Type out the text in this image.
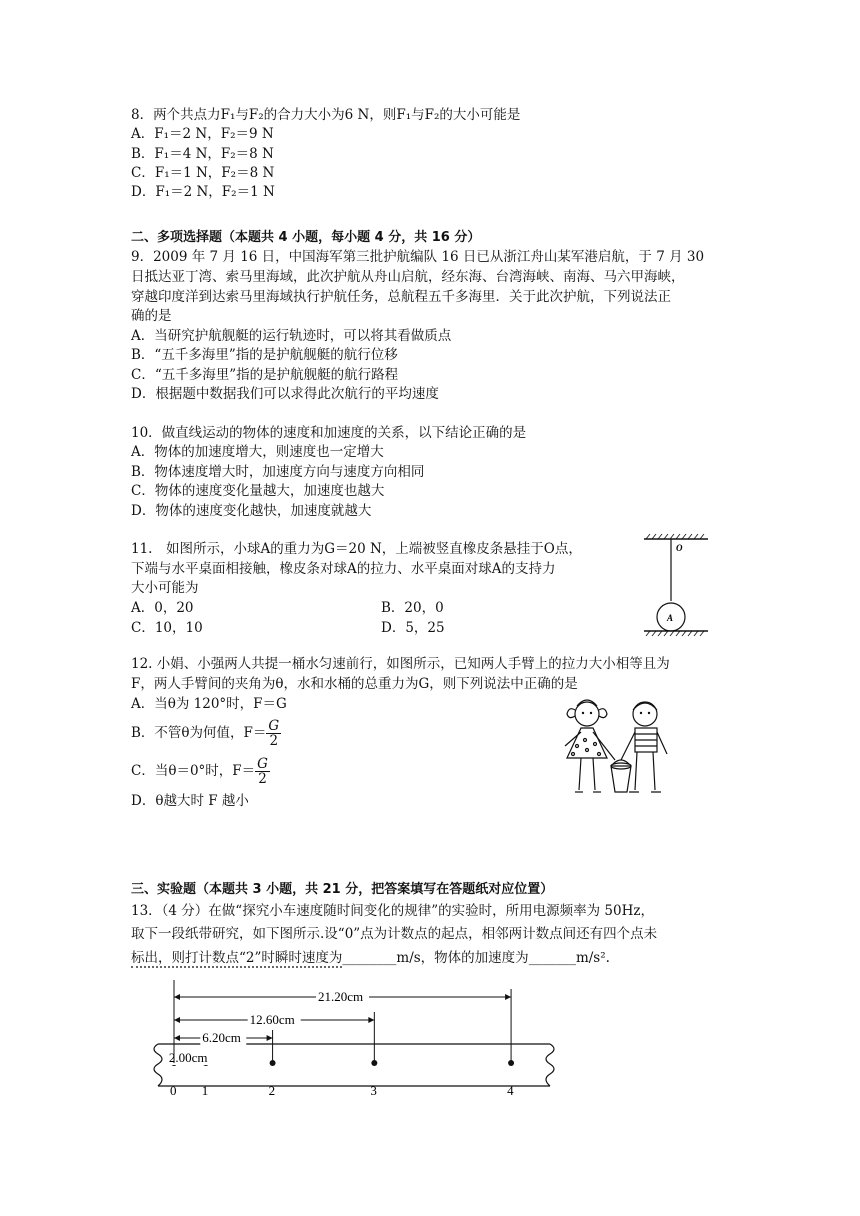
8．两个共点力F₁与F₂的合力大小为6 N，则F₁与F₂的大小可能是
A．F₁＝2 N，F₂＝9 N
B．F₁＝4 N，F₂＝8 N
C．F₁＝1 N，F₂＝8 N
D．F₁＝2 N，F₂＝1 N
二、多项选择题（本题共 4 小题，每小题 4 分，共 16 分）
9．2009 年 7 月 16 日，中国海军第三批护航编队 16 日已从浙江舟山某军港启航，于 7 月 30
日抵达亚丁湾、索马里海域，此次护航从舟山启航，经东海、台湾海峡、南海、马六甲海峡，
穿越印度洋到达索马里海域执行护航任务，总航程五千多海里．关于此次护航，下列说法正
确的是
A．当研究护航舰艇的运行轨迹时，可以将其看做质点
B．“五千多海里”指的是护航舰艇的航行位移
C．“五千多海里”指的是护航舰艇的航行路程
D．根据题中数据我们可以求得此次航行的平均速度
10．做直线运动的物体的速度和加速度的关系，以下结论正确的是
A．物体的加速度增大，则速度也一定增大
B．物体速度增大时，加速度方向与速度方向相同
C．物体的速度变化量越大，加速度也越大
D．物体的速度变化越快，加速度就越大
11.　如图所示，小球A的重力为G＝20 N，上端被竖直橡皮条悬挂于O点，
下端与水平桌面相接触，橡皮条对球A的拉力、水平桌面对球A的支持力
大小可能为
A．0，20	B．20，0
C．10，10	D．5，25
O
A
12. 小娟、小强两人共提一桶水匀速前行，如图所示，已知两人手臂上的拉力大小相等且为
F，两人手臂间的夹角为θ，水和水桶的总重力为G，则下列说法中正确的是
A．当θ为 120°时，F＝G
B．不管θ为何值，$F= \frac{G}{2}$
C．当θ＝0°时，$F= \frac{G}{2}$
D．θ越大时 F 越小
三、实验题（本题共 3 小题，共 21 分，把答案填写在答题纸对应位置）
13．（4 分）在做“探究小车速度随时间变化的规律”的实验时，所用电源频率为 50Hz，
取下一段纸带研究，如下图所示.设“0”点为计数点的起点，相邻两计数点间还有四个点未
标出，则打计数点“2”时瞬时速度为________m/s，物体的加速度为_______m/s².
0 1	2	3	4
21.20cm
12.60cm
6.20cm
2.00cm
